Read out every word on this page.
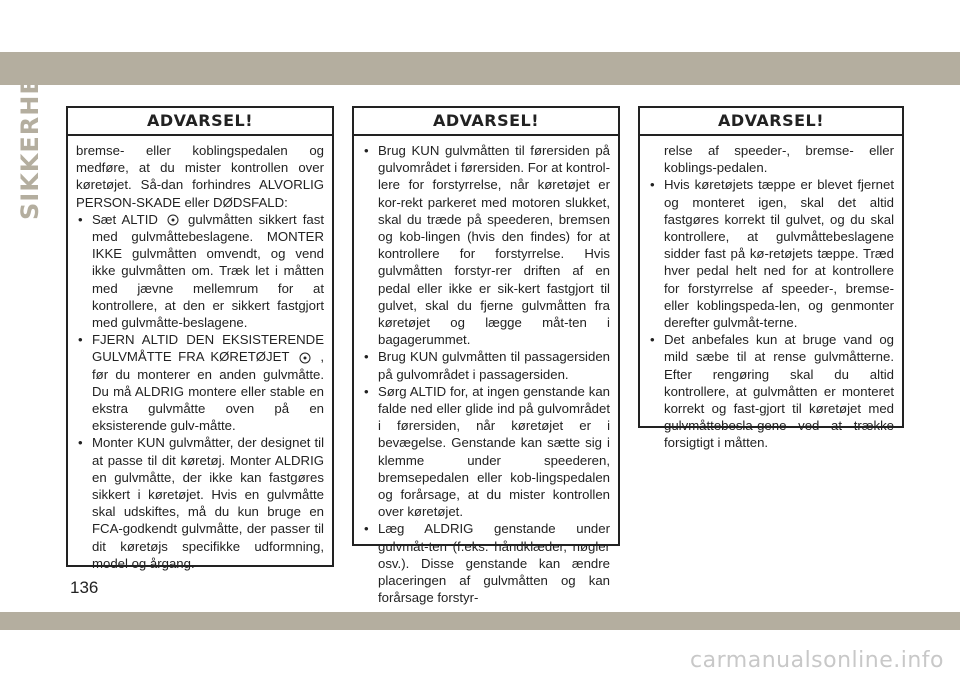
SIKKERHED	ADVARSEL!

bremse- eller koblingspedalen og medføre, at du mister kontrollen over køretøjet. Så-dan forhindres ALVORLIG PERSON-SKADE eller DØDSFALD:

• Sæt ALTID gulvmåtten sikkert fast med gulvmåttebeslagene. MONTER IKKE gulvmåtten omvendt, og vend ikke gulvmåtten om. Træk let i måtten med jævne mellemrum for at kontrollere, at den er sikkert fastgjort med gulvmåtte-beslagene.
• FJERN ALTID DEN EKSISTERENDE GULVMÅTTE FRA KØRETØJET , før du monterer en anden gulvmåtte. Du må ALDRIG montere eller stable en ekstra gulvmåtte oven på en eksisterende gulv-måtte.
• Monter KUN gulvmåtter, der designet til at passe til dit køretøj. Monter ALDRIG en gulvmåtte, der ikke kan fastgøres sikkert i køretøjet. Hvis en gulvmåtte skal udskiftes, må du kun bruge en FCA-godkendt gulvmåtte, der passer til dit køretøjs specifikke udformning, model og årgang.
ADVARSEL!
• Brug KUN gulvmåtten til førersiden på gulvområdet i førersiden. For at kontrol-lere for forstyrrelse, når køretøjet er kor-rekt parkeret med motoren slukket, skal du træde på speederen, bremsen og kob-lingen (hvis den findes) for at kontrollere for forstyrrelse. Hvis gulvmåtten forstyr-rer driften af en pedal eller ikke er sik-kert fastgjort til gulvet, skal du fjerne gulvmåtten fra køretøjet og lægge måt-ten i bagagerummet.
• Brug KUN gulvmåtten til passagersiden på gulvområdet i passagersiden.
• Sørg ALTID for, at ingen genstande kan falde ned eller glide ind på gulvområdet i førersiden, når køretøjet er i bevægelse. Genstande kan sætte sig i klemme under speederen, bremsepedalen eller kob-lingspedalen og forårsage, at du mister kontrollen over køretøjet.
• Læg ALDRIG genstande under gulvmåt-ten (f.eks. håndklæder, nøgler osv.). Disse genstande kan ændre placeringen af gulvmåtten og kan forårsage forstyr-
ADVARSEL!

relse af speeder-, bremse- eller koblings-pedalen.

• Hvis køretøjets tæppe er blevet fjernet og monteret igen, skal det altid fastgøres korrekt til gulvet, og du skal kontrollere, at gulvmåttebeslagene sidder fast på kø-retøjets tæppe. Træd hver pedal helt ned for at kontrollere for forstyrrelse af speeder-, bremse- eller koblingspeda-len, og genmonter derefter gulvmåt-terne.
• Det anbefales kun at bruge vand og mild sæbe til at rense gulvmåtterne. Efter rengøring skal du altid kontrollere, at gulvmåtten er monteret korrekt og fast-gjort til køretøjet med gulvmåttebesla-gene ved at trække forsigtigt i måtten.
136
carmanualsonline.info
